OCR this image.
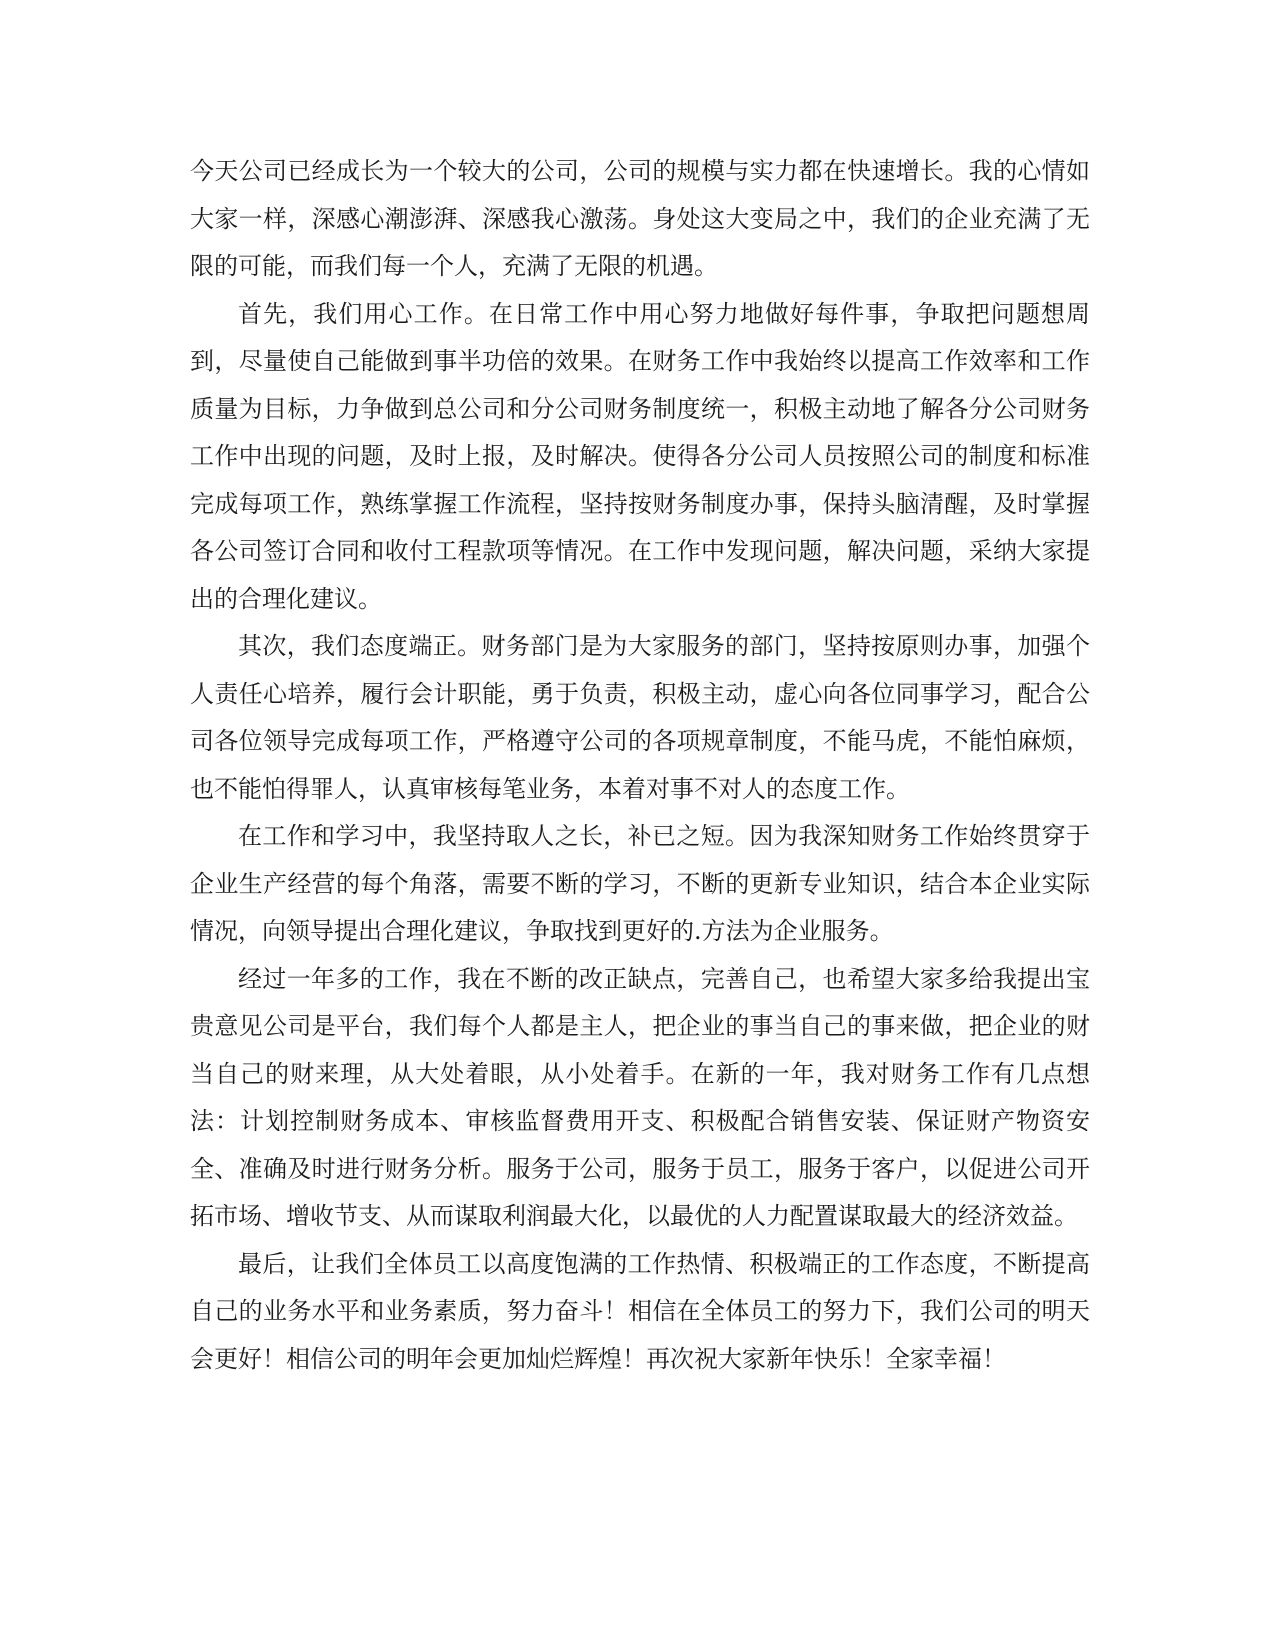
今天公司已经成长为一个较大的公司，公司的规模与实力都在快速增长。我的心情如大家一样，深感心潮澎湃、深感我心激荡。身处这大变局之中，我们的企业充满了无限的可能，而我们每一个人，充满了无限的机遇。

首先，我们用心工作。在日常工作中用心努力地做好每件事，争取把问题想周到，尽量使自己能做到事半功倍的效果。在财务工作中我始终以提高工作效率和工作质量为目标，力争做到总公司和分公司财务制度统一，积极主动地了解各分公司财务工作中出现的问题，及时上报，及时解决。使得各分公司人员按照公司的制度和标准完成每项工作，熟练掌握工作流程，坚持按财务制度办事，保持头脑清醒，及时掌握各公司签订合同和收付工程款项等情况。在工作中发现问题，解决问题，采纳大家提出的合理化建议。

其次，我们态度端正。财务部门是为大家服务的部门，坚持按原则办事，加强个人责任心培养，履行会计职能，勇于负责，积极主动，虚心向各位同事学习，配合公司各位领导完成每项工作，严格遵守公司的各项规章制度，不能马虎，不能怕麻烦，也不能怕得罪人，认真审核每笔业务，本着对事不对人的态度工作。

在工作和学习中，我坚持取人之长，补已之短。因为我深知财务工作始终贯穿于企业生产经营的每个角落，需要不断的学习，不断的更新专业知识，结合本企业实际情况，向领导提出合理化建议，争取找到更好的.方法为企业服务。

经过一年多的工作，我在不断的改正缺点，完善自己，也希望大家多给我提出宝贵意见公司是平台，我们每个人都是主人，把企业的事当自己的事来做，把企业的财当自己的财来理，从大处着眼，从小处着手。在新的一年，我对财务工作有几点想法：计划控制财务成本、审核监督费用开支、积极配合销售安装、保证财产物资安全、准确及时进行财务分析。服务于公司，服务于员工，服务于客户，以促进公司开拓市场、增收节支、从而谋取利润最大化，以最优的人力配置谋取最大的经济效益。

最后，让我们全体员工以高度饱满的工作热情、积极端正的工作态度，不断提高自己的业务水平和业务素质，努力奋斗！相信在全体员工的努力下，我们公司的明天会更好！相信公司的明年会更加灿烂辉煌！再次祝大家新年快乐！全家幸福！
